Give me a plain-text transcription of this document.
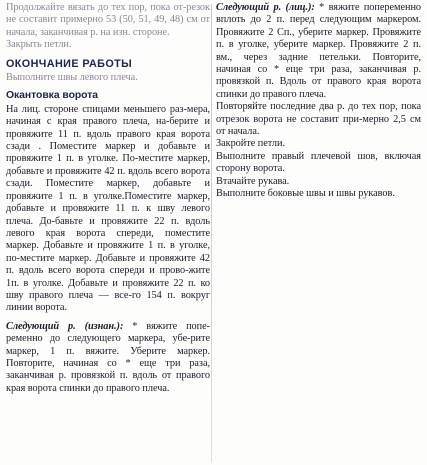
Продолжайте вязать до тех пор, пока от-резок не составит примерно 53 (50, 51, 49, 48) см от начала, заканчивая р. на изн. стороне.

Закрыть петли.

ОКОНЧАНИЕ РАБОТЫ

Выполните швы левого плеча.

Окантовка ворота

На лиц. стороне спицами меньшего раз-мера, начиная с края правого плеча, на-берите и провяжите 11 п. вдоль правого края ворота сзади . Поместите маркер и добавьте и провяжите 1 п. в уголке. По-местите маркер, добавьте и провяжите 42 п. вдоль всего ворота сзади. Поместите маркер, добавьте и провяжите 1 п. в уголке.Поместите маркер, добавьте и провяжите 11 п. к шву левого плеча. До-бавьте и провяжите 22 п. вдоль левого края ворота спереди, поместите маркер. Добавьте и провяжите 1 п. в уголке, по-местите маркер. Добавьте и провяжите 42 п. вдоль всего ворота спереди и прово-жите 1п. в уголке. Добавьте и провяжите 22 п. ко шву правого плеча — все-го 154 п. вокруг линии ворота.

Следующий р. (изнан.): * вяжите попе-ременно до следующего маркера, убе-рите маркер, 1 п. вяжите. Уберите маркер. Повторите, начиная со * еще три раза, заканчивая р. провязкой п. вдоль от правого края ворота спинки до правого плеча.

Следующий р. (лиц.): * вяжите попеременно вплоть до 2 п. перед следующим маркером. Провяжите 2 Сп., уберите маркер. Провяжите п. в уголке, уберите маркер. Провяжите 2 п. вм., через задние петельки. Повторите, начиная со * еще три раза, заканчивая р. провязкой п. Вдоль от правого края ворота спинки до правого плеча.

Повторяйте последние два р. до тех пор, пока отрезок ворота не составит при-мерно 2,5 см от начала.

Закройте петли.

Выполните правый плечевой шов, включая сторону ворота.

Втачайте рукава.

Выполните боковые швы и швы рукавов.
